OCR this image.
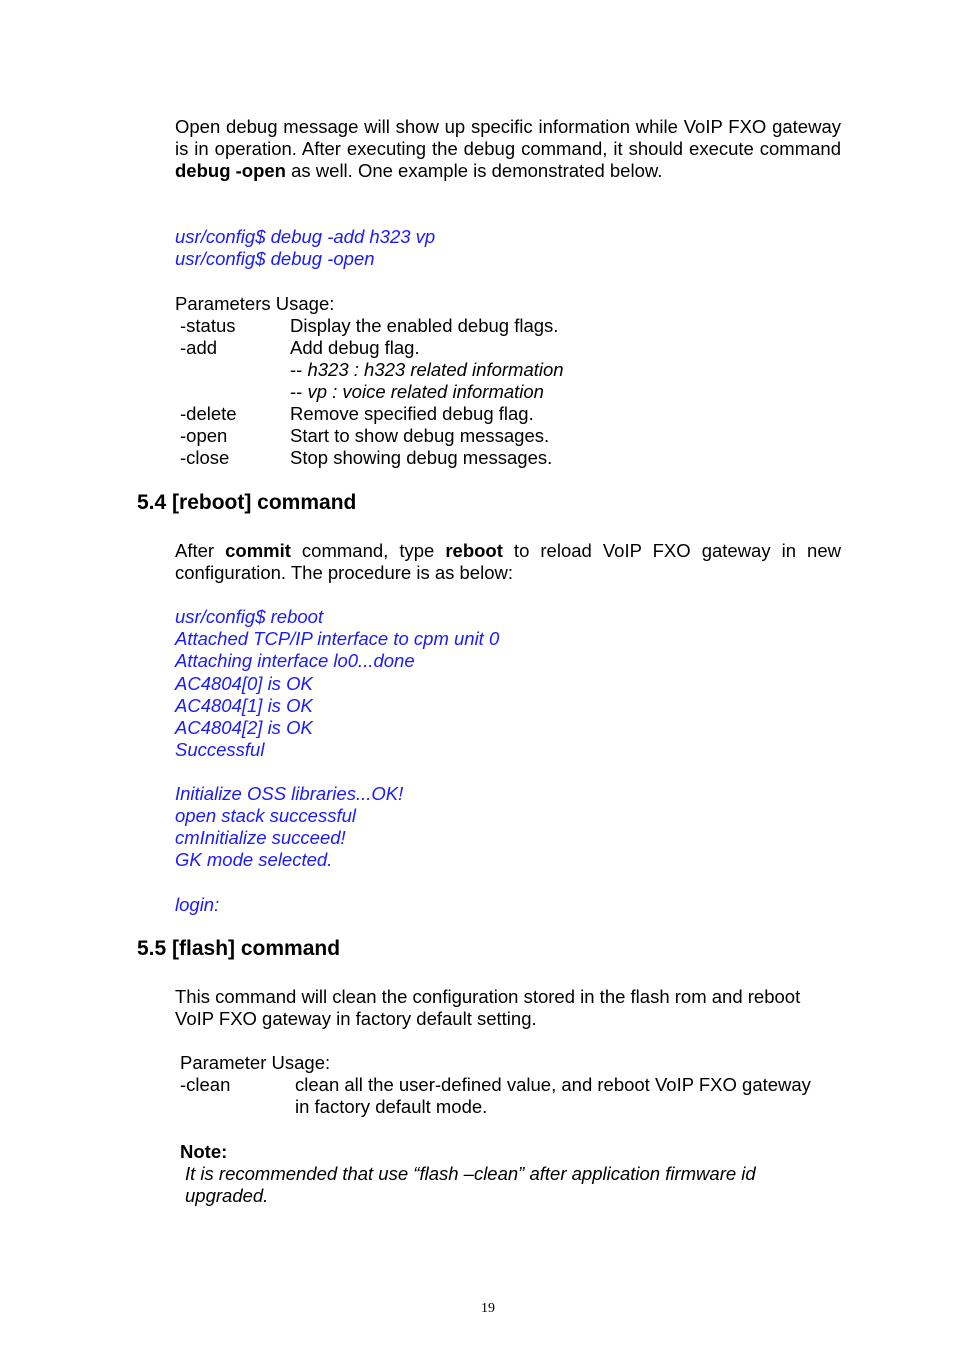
Open debug message will show up specific information while VoIP FXO gateway is in operation. After executing the debug command, it should execute command debug -open as well. One example is demonstrated below.
usr/config$ debug -add h323 vp
usr/config$ debug -open
Parameters Usage:
-status	Display the enabled debug flags.
-add	Add debug flag.
-- h323 : h323 related information
-- vp : voice related information
-delete	Remove specified debug flag.
-open	Start to show debug messages.
-close	Stop showing debug messages.
5.4 [reboot] command
After commit command, type reboot to reload VoIP FXO gateway in new configuration. The procedure is as below:
usr/config$ reboot
Attached TCP/IP interface to cpm unit 0
Attaching interface lo0...done
AC4804[0] is OK
AC4804[1] is OK
AC4804[2] is OK
Successful
Initialize OSS libraries...OK!
open stack successful
cmInitialize succeed!
GK mode selected.
login:
5.5 [flash] command
This command will clean the configuration stored in the flash rom and reboot VoIP FXO gateway in factory default setting.
Parameter Usage:
-clean	clean all the user-defined value, and reboot VoIP FXO gateway
in factory default mode.
Note:
It is recommended that use “flash –clean” after application firmware id
upgraded.
19
